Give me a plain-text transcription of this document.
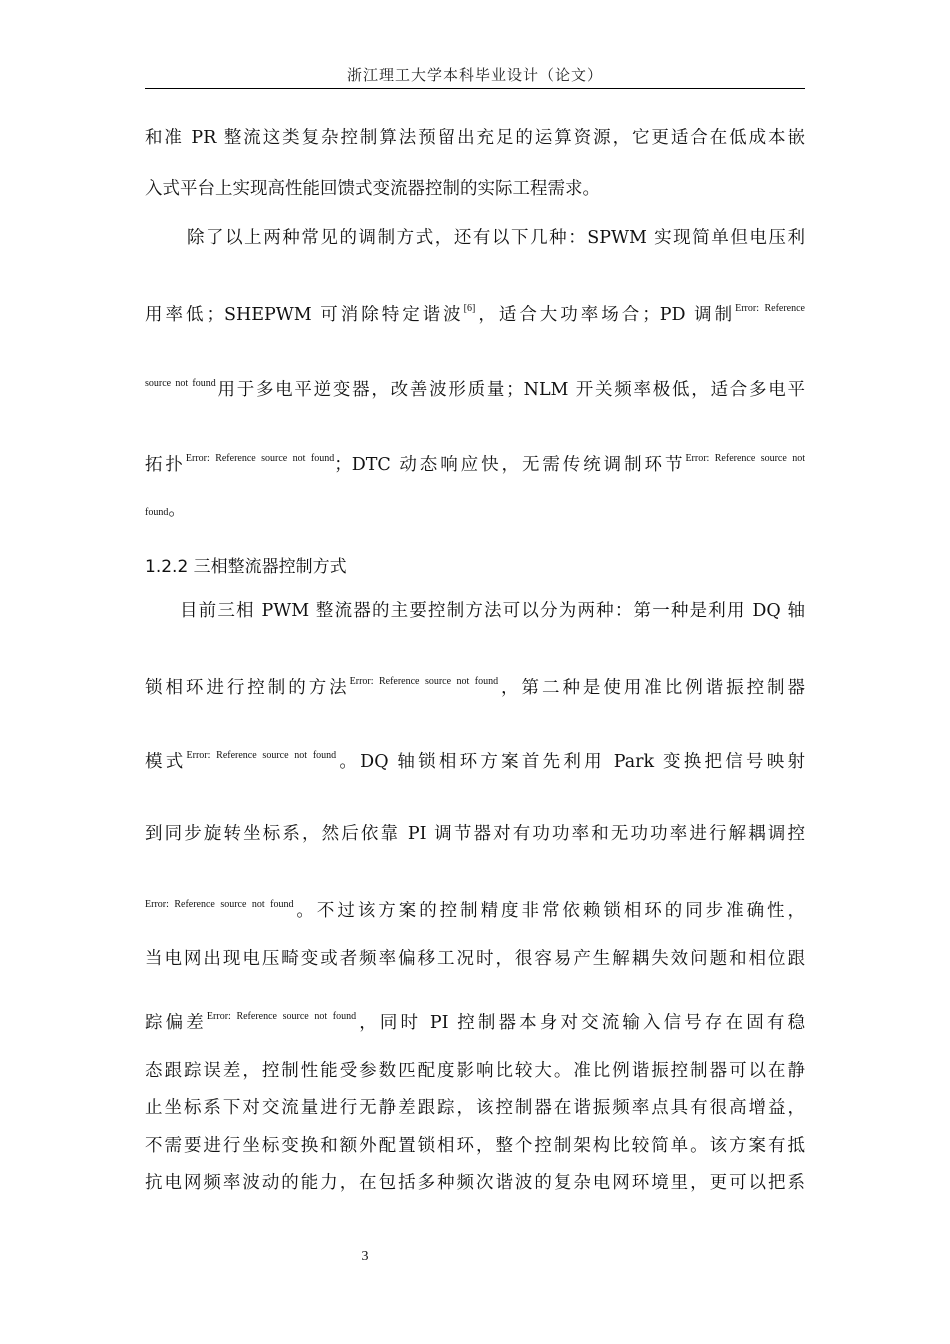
浙江理工大学本科毕业设计（论文）
和准 PR 整流这类复杂控制算法预留出充足的运算资源，它更适合在低成本嵌
入式平台上实现高性能回馈式变流器控制的实际工程需求。
除了以上两种常见的调制方式，还有以下几种：SPWM 实现简单但电压利
用率低；SHEPWM 可消除特定谐波[6]，适合大功率场合；PD 调制$^{Error: Reference}$
$^{source not found}$用于多电平逆变器，改善波形质量；NLM 开关频率极低，适合多电平
拓扑$^{Error: Reference source not found}$；DTC 动态响应快，无需传统调制环节$^{Error: Reference source not}$
found。
1.2.2 三相整流器控制方式
目前三相 PWM 整流器的主要控制方法可以分为两种：第一种是利用 DQ 轴
锁相环进行控制的方法$^{Error: Reference source not found}$，第二种是使用准比例谐振控制器
模式$^{Error: Reference source not found}$。DQ 轴锁相环方案首先利用 Park 变换把信号映射
到同步旋转坐标系，然后依靠 PI 调节器对有功功率和无功功率进行解耦调控
$^{Error: Reference source not found}$。不过该方案的控制精度非常依赖锁相环的同步准确性，
当电网出现电压畸变或者频率偏移工况时，很容易产生解耦失效问题和相位跟
踪偏差$^{Error: Reference source not found}$，同时 PI 控制器本身对交流输入信号存在固有稳
态跟踪误差，控制性能受参数匹配度影响比较大。准比例谐振控制器可以在静
止坐标系下对交流量进行无静差跟踪，该控制器在谐振频率点具有很高增益，
不需要进行坐标变换和额外配置锁相环，整个控制架构比较简单。该方案有抵
抗电网频率波动的能力，在包括多种频次谐波的复杂电网环境里，更可以把系
3
